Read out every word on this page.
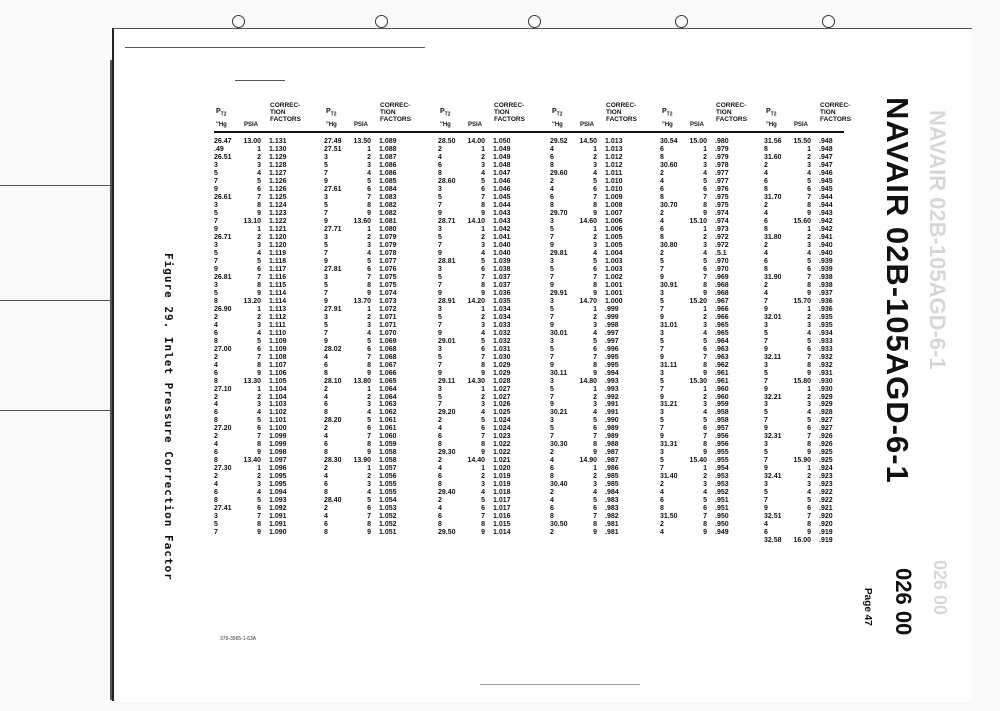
NAVAIR 02B-105AGD-6-1
026 00
NAVAIR 02B-105AGD-6-1
026 00
Page 47
Figure 29. Inlet Pressure Correction Factor
379-3965-1-63A
$P_{T2}$
"Hg	PSIA
CORREC-
TION
FACTORS
26.47	13.00 1.131
.49	1 1.130
26.51	2 1.129
3	3 1.128
5	4 1.127
7	5 1.126
9	6 1.126
26.61	7 1.125
3	8 1.124
5	9 1.123
7	13.10 1.122
9	1 1.121
26.71	2 1.120
3	3 1.120
5	4 1.119
7	5 1.118
9	6 1.117
26.81	7 1.116
3	8 1.115
5	9 1.114
8	13.20 1.114
26.90	1 1.113
2	2 1.112
4	3 1.111
6	4 1.110
8	5 1.109
27.00	6 1.109
2	7 1.108
4	8 1.107
6	9 1.106
8	13.30 1.105
27.10	1 1.104
2	2 1.104
4	3 1.103
6	4 1.102
8	5 1.101
27.20	6 1.100
2	7 1.099
4	8 1.099
6	9 1.098
8	13.40 1.097
27.30	1 1.096
2	2 1.095
4	3 1.095
6	4 1.094
8	5 1.093
27.41	6 1.092
3	7 1.091
5	8 1.091
7	9 1.090
$P_{T2}$
"Hg	PSIA
CORREC-
TION
FACTORS
27.49	13.50 1.089
27.51	1 1.088
3	2 1.087
5	3 1.086
7	4 1.086
9	5 1.085
27.61	6 1.084
3	7 1.083
5	8 1.082
7	9 1.082
9	13.60 1.081
27.71	1 1.080
3	2 1.079
5	3 1.079
7	4 1.078
9	5 1.077
27.81	6 1.076
3	7 1.075
5	8 1.075
7	9 1.074
9	13.70 1.073
27.91	1 1.072
3	2 1.071
5	3 1.071
7	4 1.070
9	5 1.069
28.02	6 1.068
4	7 1.068
6	8 1.067
8	9 1.066
28.10	13.80 1.065
2	1 1.064
4	2 1.064
6	3 1.063
8	4 1.062
28.20	5 1.061
2	6 1.061
4	7 1.060
6	8 1.059
8	9 1.058
28.30	13.90 1.058
2	1 1.057
4	2 1.056
6	3 1.055
8	4 1.055
28.40	5 1.054
2	6 1.053
4	7 1.052
6	8 1.052
8	9 1.051
$P_{T2}$
"Hg	PSIA
CORREC-
TION
FACTORS
28.50	14.00 1.050
2	1 1.049
4	2 1.049
6	3 1.048
8	4 1.047
28.60	5 1.046
3	6 1.046
5	7 1.045
7	8 1.044
9	9 1.043
28.71	14.10 1.043
3	1 1.042
5	2 1.041
7	3 1.040
9	4 1.040
28.81	5 1.039
3	6 1.038
5	7 1.037
7	8 1.037
9	9 1.036
28.91	14.20 1.035
3	1 1.034
5	2 1.034
7	3 1.033
9	4 1.032
29.01	5 1.032
3	6 1.031
5	7 1.030
7	8 1.029
9	9 1.029
29.11	14.30 1.028
3	1 1.027
5	2 1.027
7	3 1.026
29.20	4 1.025
2	5 1.024
4	6 1.024
6	7 1.023
8	8 1.022
29.30	9 1.022
2	14.40 1.021
4	1 1.020
6	2 1.019
8	3 1.019
29.40	4 1.018
2	5 1.017
4	6 1.017
6	7 1.016
8	8 1.015
29.50	9 1.014
$P_{T2}$
"Hg	PSIA
CORREC-
TION
FACTORS
29.52	14.50 1.013
4	1 1.013
6	2 1.012
8	3 1.012
29.60	4 1.011
2	5 1.010
4	6 1.010
6	7 1.009
8	8 1.008
29.70	9 1.007
3	14.60 1.006
5	1 1.006
7	2 1.005
9	3 1.005
29.81	4 1.004
3	5 1.003
5	6 1.003
7	7 1.002
9	8 1.001
29.91	9 1.001
3	14.70 1.000
5	1 .999
7	2 .999
9	3 .998
30.01	4 .997
3	5 .997
5	6 .996
7	7 .995
9	8 .995
30.11	9 .994
3	14.80 .993
5	1 .993
7	2 .992
9	3 .991
30.21	4 .991
3	5 .990
5	6 .989
7	7 .989
30.30	8 .988
2	9 .987
4	14.90 .987
6	1 .986
8	2 .985
30.40	3 .985
2	4 .984
4	5 .983
6	6 .983
8	7 .982
30.50	8 .981
2	9 .981
$P_{T2}$
"Hg	PSIA
CORREC-
TION
FACTORS
30.54	15.00 .980
6	1 .979
8	2 .979
30.60	3 .978
2	4 .977
4	5 .977
6	6 .976
8	7 .975
30.70	8 .975
2	9 .974
4	15.10 .974
6	1 .973
8	2 .972
30.80	3 .972
2	4 .5.1
5	5 .970
7	6 .970
9	7 .969
30.91	8 .968
3	9 .968
5	15.20 .967
7	1 .966
9	2 .966
31.01	3 .965
3	4 .965
5	5 .964
7	6 .963
9	7 .963
31.11	8 .962
3	9 .961
5	15.30 .961
7	1 .960
9	2 .960
31.21	3 .959
3	4 .958
5	5 .958
7	6 .957
9	7 .956
31.31	8 .956
3	9 .955
5	15.40 .955
7	1 .954
31.40	2 .953
2	3 .953
4	4 .952
6	5 .951
8	6 .951
31.50	7 .950
2	8 .950
4	9 .949
$P_{T2}$
"Hg	PSIA
CORREC-
TION
FACTORS
31.56	15.50 .948
8	1 .948
31.60	2 .947
2	3 .947
4	4 .946
6	5 .945
8	6 .945
31.70	7 .944
2	8 .944
4	9 .943
6	15.60 .942
8	1 .942
31.80	2 .941
2	3 .940
4	4 .940
6	5 .939
8	6 .939
31.90	7 .938
2	8 .938
4	9 .937
7	15.70 .936
9	1 .936
32.01	2 .935
3	3 .935
5	4 .934
7	5 .933
9	6 .933
32.11	7 .932
3	8 .932
5	9 .931
7	15.80 .930
9	1 .930
32.21	2 .929
3	3 .929
5	4 .928
7	5 .927
9	6 .927
32.31	7 .926
3	8 .926
5	9 .925
7	15.90 .925
9	1 .924
32.41	2 .923
3	3 .923
5	4 .922
7	5 .922
9	6 .921
32.51	7 .920
4	8 .920
6	9 .919
32.58	16.00 .919
